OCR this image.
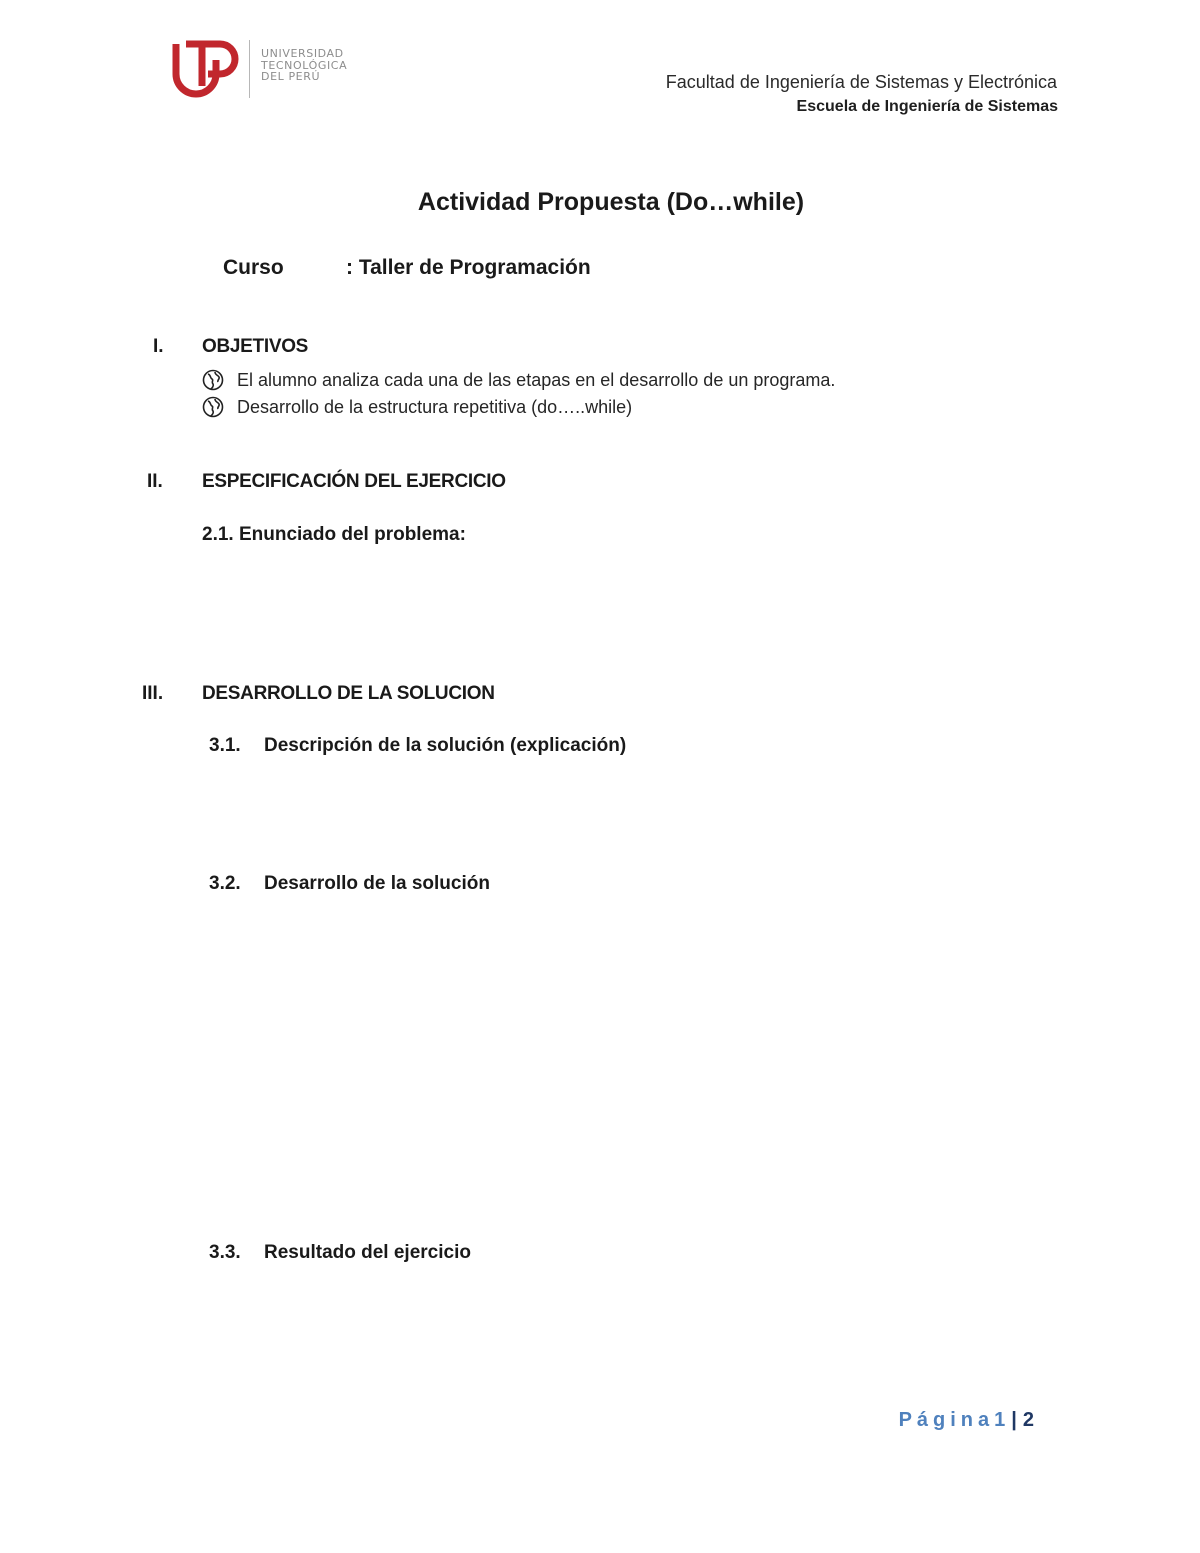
UNIVERSIDAD
TECNOLÓGICA
DEL PERÚ	Facultad de Ingeniería de Sistemas y Electrónica
Escuela de Ingeniería de Sistemas
Actividad Propuesta (Do…while)
Curso	: Taller de Programación
I. OBJETIVOS
El alumno analiza cada una de las etapas en el desarrollo de un programa.
Desarrollo de la estructura repetitiva (do…..while)
II. ESPECIFICACIÓN DEL EJERCICIO
2.1. Enunciado del problema:
III. DESARROLLO DE LA SOLUCION
3.1. Descripción de la solución (explicación)
3.2. Desarrollo de la solución
3.3. Resultado del ejercicio
Página1 | 2
